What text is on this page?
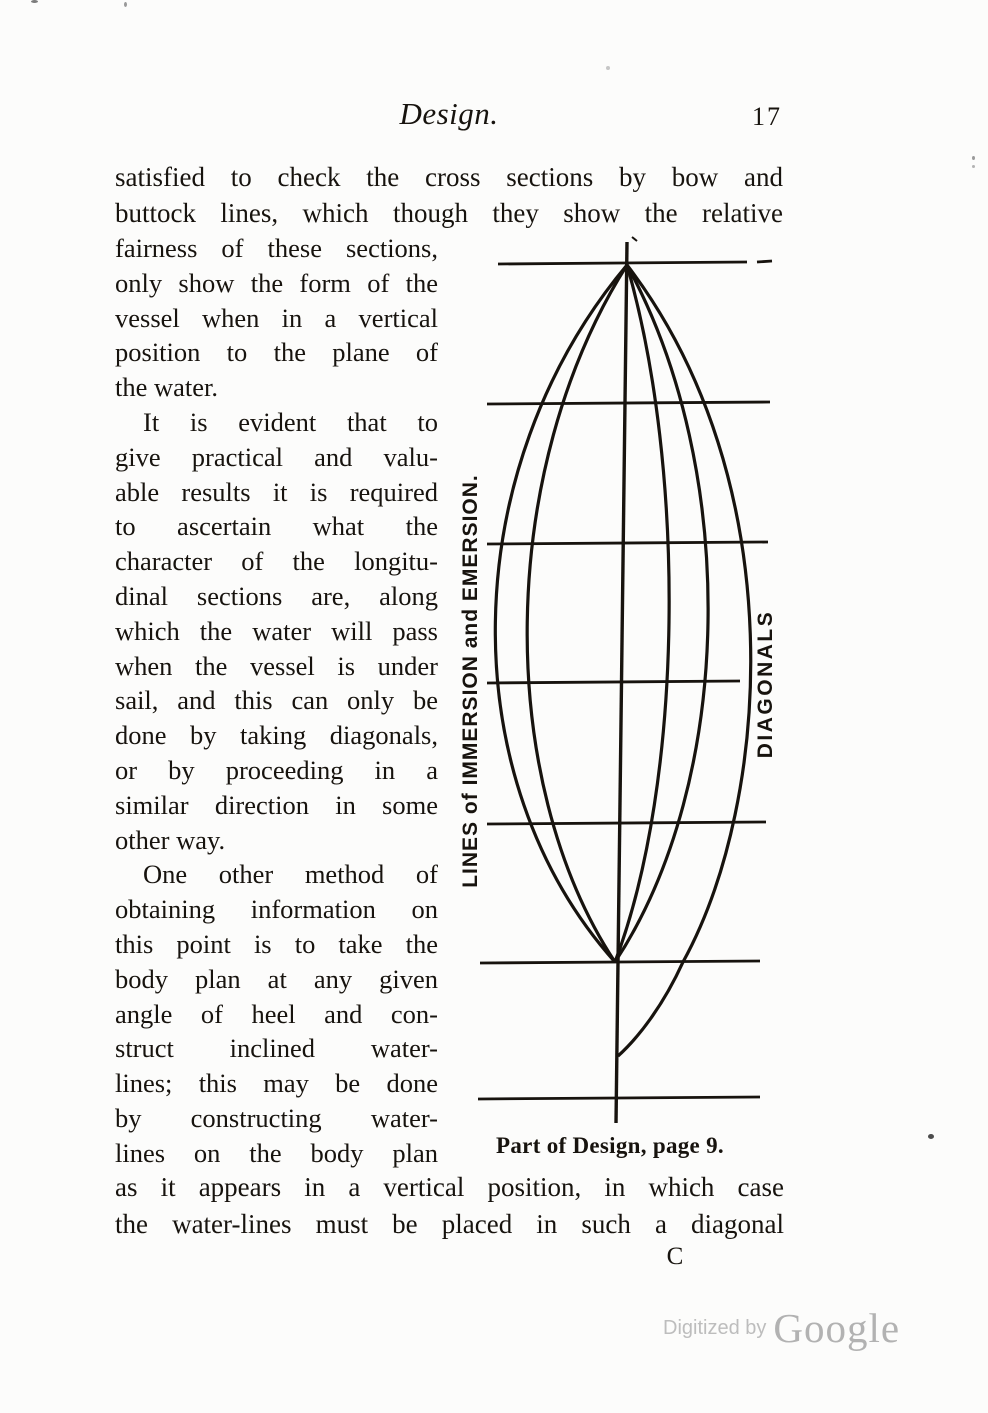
Design.	17
satisfied to check the cross sections by bow and
buttock lines, which though they show the relative
fairness of these sections,
only show the form of the
vessel when in a vertical
position to the plane of
the water.
It is evident that to
give practical and valu-
able results it is required
to ascertain what the
character of the longitu-
dinal sections are, along
which the water will pass
when the vessel is under
sail, and this can only be
done by taking diagonals,
or by proceeding in a
similar direction in some
other way.
One other method of
obtaining information on
this point is to take the
body plan at any given
angle of heel and con-
struct inclined water-
lines; this may be done
by constructing water-
lines on the body plan
LINES of IMMERSION and EMERSION.	DIAGONALS
Part of Design, page 9.
as it appears in a vertical position, in which case
the water-lines must be placed in such a diagonal
C
Digitized by Google
